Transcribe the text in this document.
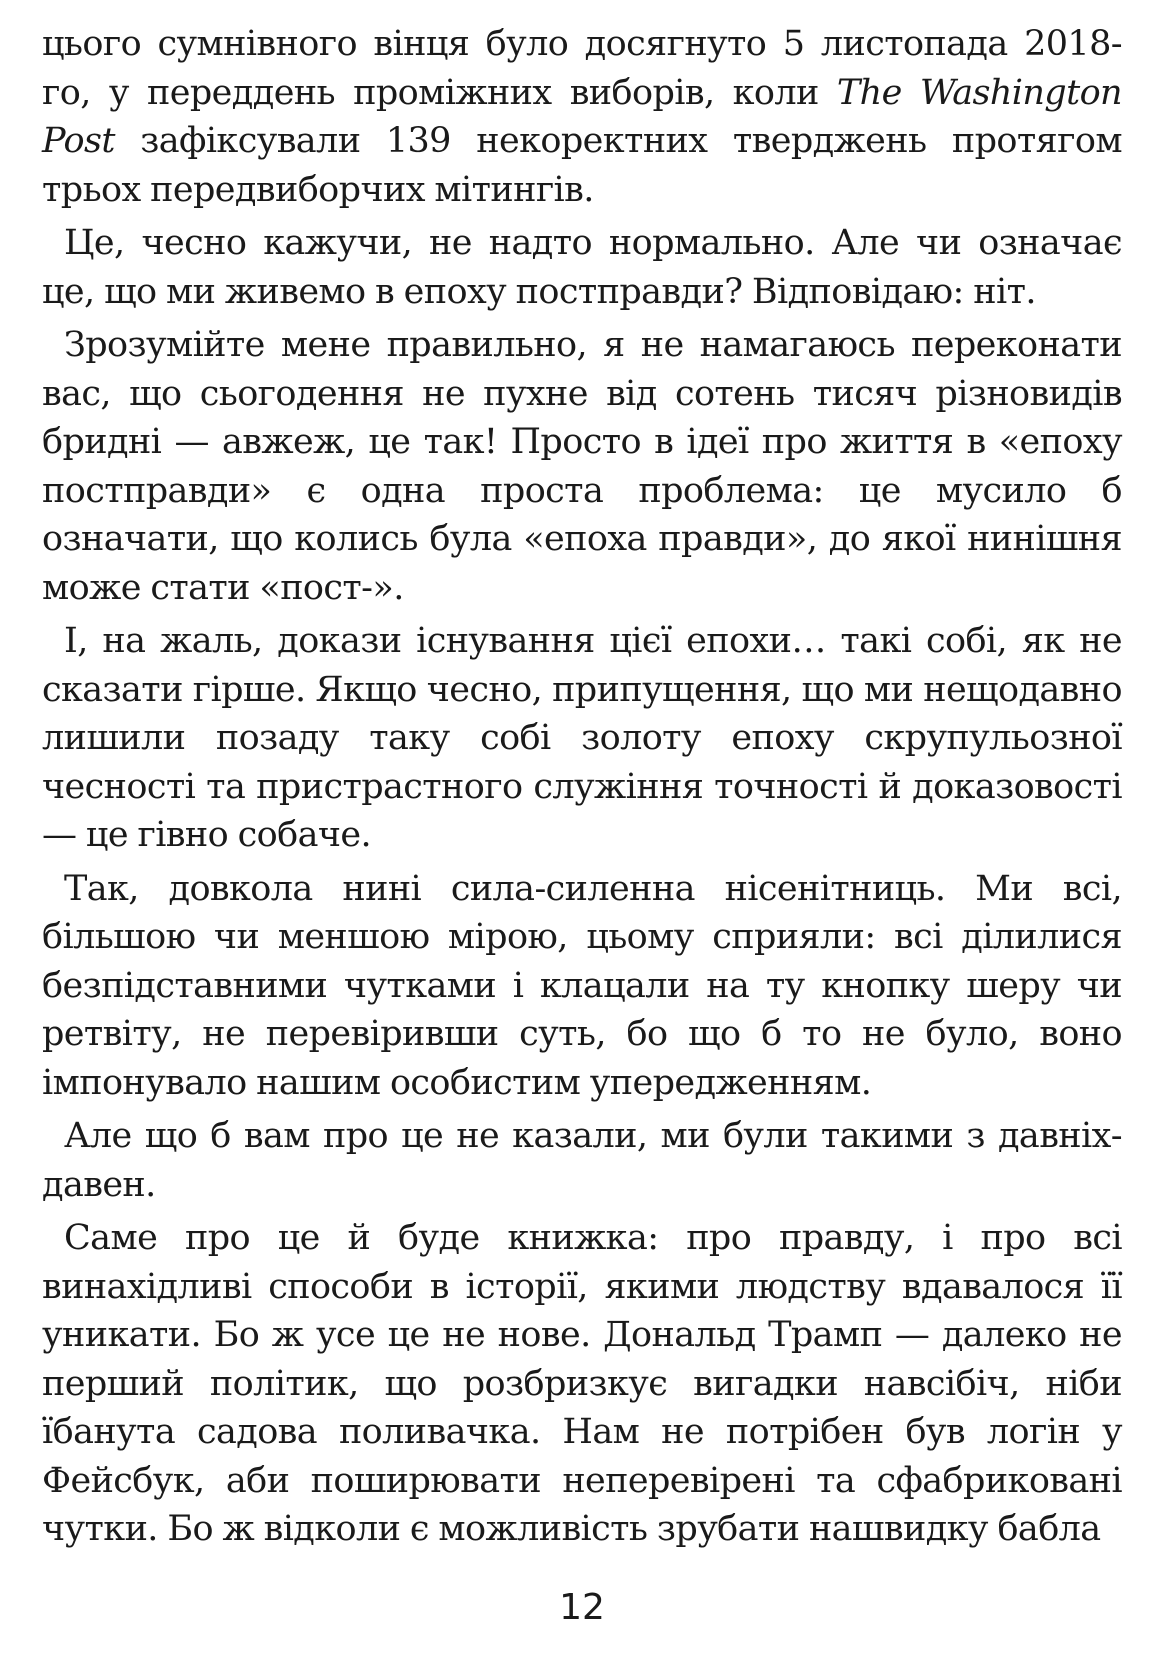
цього сумнівного вінця було досягнуто 5 листопада 2018-го, у переддень проміжних виборів, коли The Washington Post зафіксували 139 некоректних тверджень протягом трьох передвиборчих мітингів.

Це, чесно кажучи, не надто нормально. Але чи означає це, що ми живемо в епоху постправди? Відповідаю: ніт.

Зрозумійте мене правильно, я не намагаюсь переконати вас, що сьогодення не пухне від сотень тисяч різновидів бридні — авжеж, це так! Просто в ідеї про життя в «епоху постправди» є одна проста проблема: це мусило б означати, що колись була «епоха правди», до якої нинішня може стати «пост-».

І, на жаль, докази існування цієї епохи… такі собі, як не сказати гірше. Якщо чесно, припущення, що ми нещодавно лишили позаду таку собі золоту епоху скрупульозної чесності та пристрастного служіння точності й доказовості — це гівно собаче.

Так, довкола нині сила-силенна нісенітниць. Ми всі, більшою чи меншою мірою, цьому сприяли: всі ділилися безпідставними чутками і клацали на ту кнопку шеру чи ретвіту, не перевіривши суть, бо що б то не було, воно імпонувало нашим особистим упередженням.

Але що б вам про це не казали, ми були такими з давніх-давен.

Саме про це й буде книжка: про правду, і про всі винахідливі способи в історії, якими людству вдавалося її уникати. Бо ж усе це не нове. Дональд Трамп — далеко не перший політик, що розбризкує вигадки навсібіч, ніби їбанута садова поливачка. Нам не потрібен був логін у Фейсбук, аби поширювати неперевірені та сфабриковані чутки. Бо ж відколи є можливість зрубати нашвидку бабла

12
